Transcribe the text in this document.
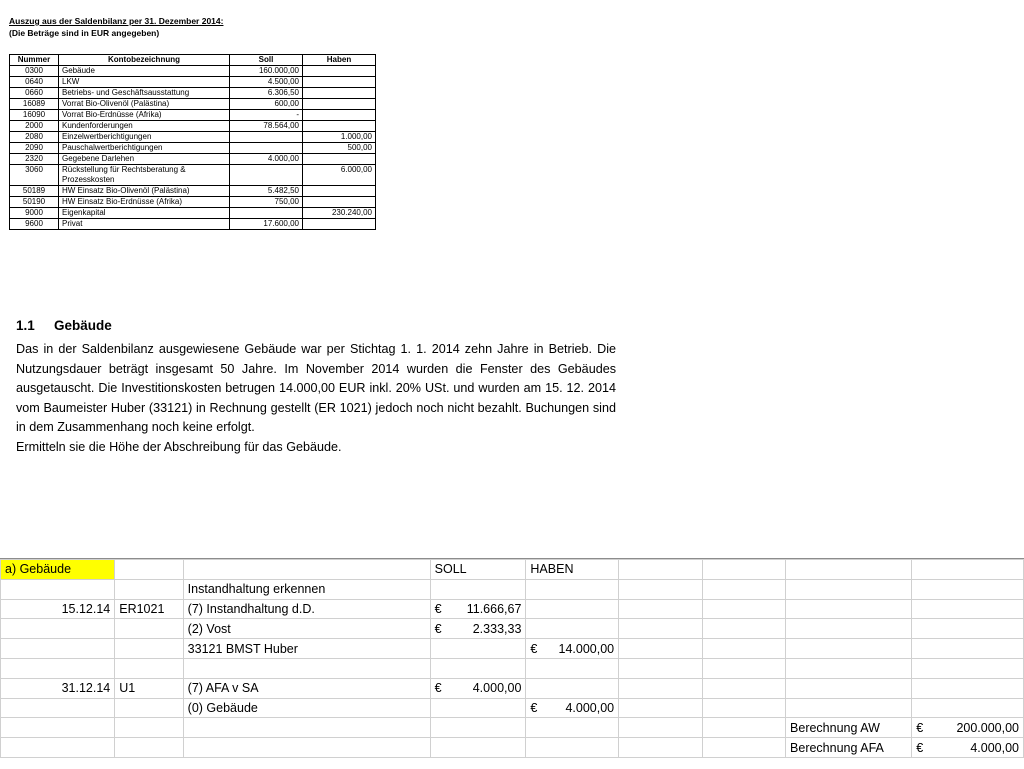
Auszug aus der Saldenbilanz per 31. Dezember 2014:
(Die Beträge sind in EUR angegeben)
Nummer	Kontobezeichnung	Soll	Haben
0300	Gebäude	160.000,00	
0640	LKW	4.500,00	
0660	Betriebs- und Geschäftsausstattung	6.306,50	
16089	Vorrat Bio-Olivenöl (Palästina)	600,00	
16090	Vorrat Bio-Erdnüsse (Afrika)	-	
2000	Kundenforderungen	78.564,00	
2080	Einzelwertberichtigungen		1.000,00
2090	Pauschalwertberichtigungen		500,00
2320	Gegebene Darlehen	4.000,00	
3060	Rückstellung für Rechtsberatung & Prozesskosten		6.000,00
50189	HW Einsatz Bio-Olivenöl (Palästina)	5.482,50	
50190	HW Einsatz Bio-Erdnüsse (Afrika)	750,00	
9000	Eigenkapital		230.240,00
9600	Privat	17.600,00	
1.1 Gebäude

Das in der Saldenbilanz ausgewiesene Gebäude war per Stichtag 1. 1. 2014 zehn Jahre in Betrieb. Die Nutzungsdauer beträgt insgesamt 50 Jahre. Im November 2014 wurden die Fenster des Gebäudes ausgetauscht. Die Investitionskosten betrugen 14.000,00 EUR inkl. 20% USt. und wurden am 15. 12. 2014 vom Baumeister Huber (33121) in Rechnung gestellt (ER 1021) jedoch noch nicht bezahlt. Buchungen sind in dem Zusammenhang noch keine erfolgt.

Ermitteln sie die Höhe der Abschreibung für das Gebäude.

a) Gebäude			SOLL	HABEN				
		Instandhaltung erkennen						
15.12.14	ER1021	(7) Instandhaltung d.D.	€ 11.666,67					

		(2) Vost	€ 2.333,33					

		33121 BMST Huber		€ 14.000,00				

31.12.14	U1	(7) AFA v SA	€ 4.000,00					

		(0) Gebäude		€ 4.000,00				

							Berechnung AW	€ 200.000,00

							Berechnung AFA	€ 4.000,00
